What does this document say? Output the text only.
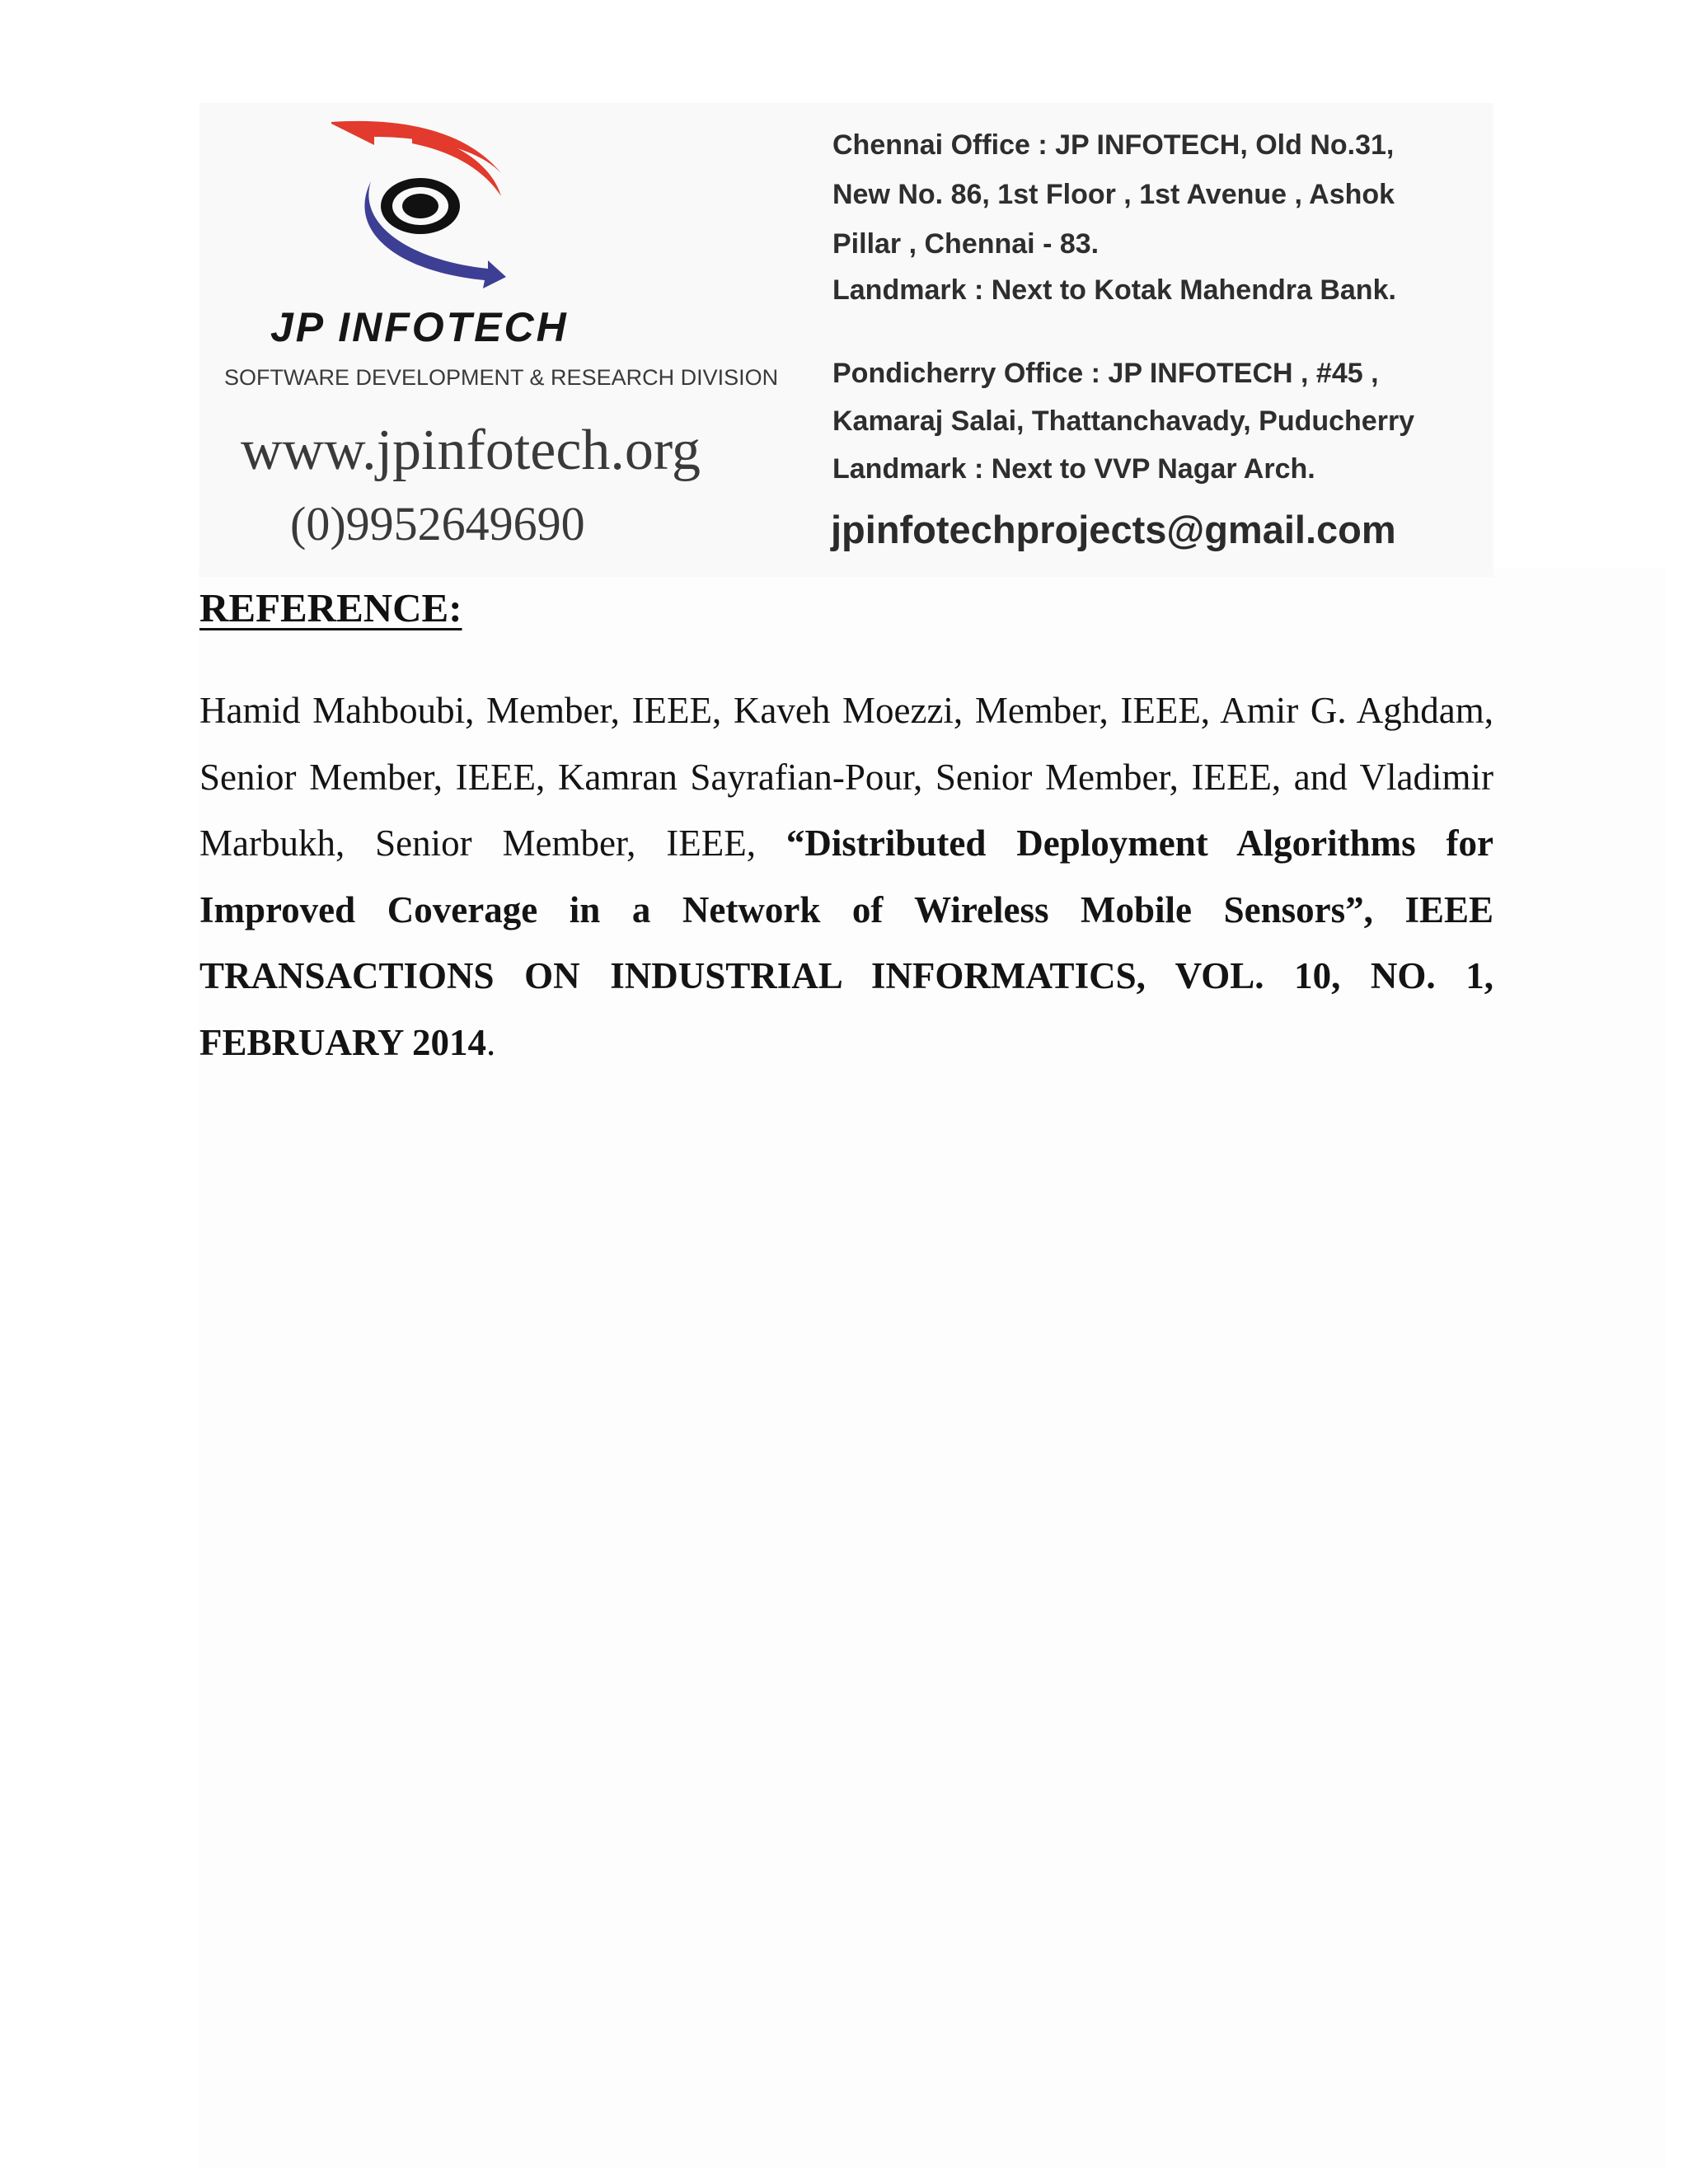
JP INFOTECH
SOFTWARE DEVELOPMENT & RESEARCH DIVISION
www.jpinfotech.org
(0)9952649690
Chennai Office : JP INFOTECH, Old No.31,
New No. 86, 1st Floor , 1st Avenue , Ashok
Pillar , Chennai - 83.
Landmark : Next to Kotak Mahendra Bank.
Pondicherry Office : JP INFOTECH , #45 ,
Kamaraj Salai, Thattanchavady, Puducherry
Landmark : Next to VVP Nagar Arch.
jpinfotechprojects@gmail.com
REFERENCE:
Hamid Mahboubi, Member, IEEE, Kaveh Moezzi, Member, IEEE, Amir G. Aghdam, Senior Member, IEEE, Kamran Sayrafian-Pour, Senior Member, IEEE, and Vladimir Marbukh, Senior Member, IEEE, “Distributed Deployment Algorithms for Improved Coverage in a Network of Wireless Mobile Sensors”, IEEE TRANSACTIONS ON INDUSTRIAL INFORMATICS, VOL. 10, NO. 1, FEBRUARY 2014.
